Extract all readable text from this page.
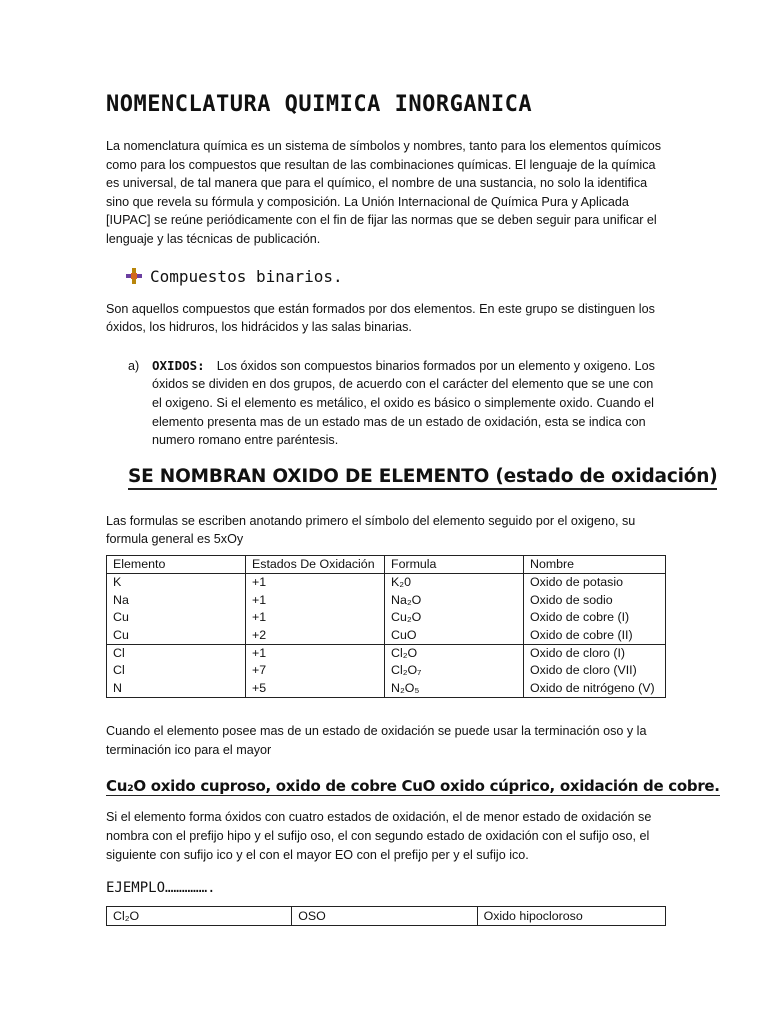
NOMENCLATURA QUIMICA INORGANICA

La nomenclatura química es un sistema de símbolos y nombres, tanto para los elementos químicos como para los compuestos que resultan de las combinaciones químicas. El lenguaje de la química es universal, de tal manera que para el químico, el nombre de una sustancia, no solo la identifica sino que revela su fórmula y composición. La Unión Internacional de Química Pura y Aplicada [IUPAC] se reúne periódicamente con el fin de fijar las normas que se deben seguir para unificar el lenguaje y las técnicas de publicación.

Compuestos binarios.

Son aquellos compuestos que están formados por dos elementos. En este grupo se distinguen los óxidos, los hidruros, los hidrácidos y las salas binarias.

a)	OXIDOS: Los óxidos son compuestos binarios formados por un elemento y oxigeno. Los óxidos se dividen en dos grupos, de acuerdo con el carácter del elemento que se une con el oxigeno. Si el elemento es metálico, el oxido es básico o simplemente oxido. Cuando el elemento presenta mas de un estado mas de un estado de oxidación, esta se indica con numero romano entre paréntesis.
SE NOMBRAN OXIDO DE ELEMENTO (estado de oxidación)

Las formulas se escriben anotando primero el símbolo del elemento seguido por el oxigeno, su formula general es 5xOy

Elemento	Estados De Oxidación	Formula	Nombre
K	+1	K₂0	Oxido de potasio
Na	+1	Na₂O	Oxido de sodio
Cu	+1	Cu₂O	Oxido de cobre (I)
Cu	+2	CuO	Oxido de cobre (II)
Cl	+1	Cl₂O	Oxido de cloro (I)
Cl	+7	Cl₂O₇	Oxido de cloro (VII)
N	+5	N₂O₅	Oxido de nitrógeno (V)

Cuando el elemento posee mas de un estado de oxidación se puede usar la terminación oso y la terminación ico para el mayor

Cu₂O oxido cuproso, oxido de cobre CuO oxido cúprico, oxidación de cobre.

Si el elemento forma óxidos con cuatro estados de oxidación, el de menor estado de oxidación se nombra con el prefijo hipo y el sufijo oso, el con segundo estado de oxidación con el sufijo oso, el siguiente con sufijo ico y el con el mayor EO con el prefijo per y el sufijo ico.

EJEMPLO…………….
Cl₂O	OSO	Oxido hipocloroso
